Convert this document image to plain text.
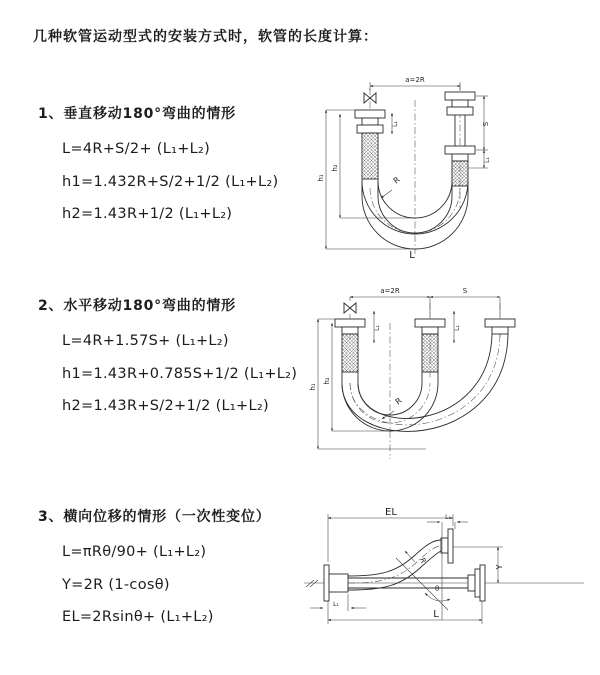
几种软管运动型式的安装方式时，软管的长度计算：
1、垂直移动180°弯曲的情形
L=4R+S/2+ (L₁+L₂)
h1=1.432R+S/2+1/2 (L₁+L₂)
h2=1.43R+1/2 (L₁+L₂)
2、水平移动180°弯曲的情形
L=4R+1.57S+ (L₁+L₂)
h1=1.43R+0.785S+1/2 (L₁+L₂)
h2=1.43R+S/2+1/2 (L₁+L₂)
3、横向位移的情形（一次性变位）
L=πRθ/90+ (L₁+L₂)
Y=2R (1-cosθ)
EL=2Rsinθ+ (L₁+L₂)
a=2R
R
h₁
h₂
L₁	S
L₁
L
a=2R	S
R
h₁
h₂
L₁	L₁
EL	L₁
Y
R
θ
L₁
L
